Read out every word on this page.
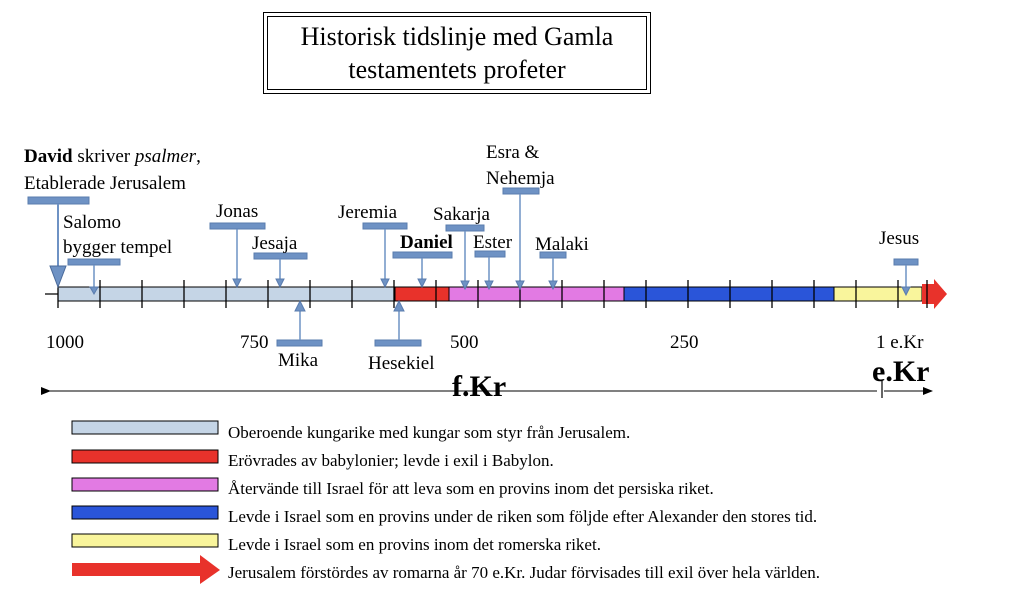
Historisk tidslinje med Gamla
testamentets profeter
David skriver psalmer,
Etablerade Jerusalem
Salomo
bygger tempel
Jonas
Jesaja
Mika
Jeremia
Hesekiel
Daniel
Sakarja
Ester
Esra &
Nehemja
Malaki	Jesus
1000	750	500	250	1 e.Kr
f.Kr	e.Kr
Oberoende kungarike med kungar som styr från Jerusalem.
Erövrades av babylonier; levde i exil i Babylon.
Återvände till Israel för att leva som en provins inom det persiska riket.
Levde i Israel som en provins under de riken som följde efter Alexander den stores tid.
Levde i Israel som en provins inom det romerska riket.
Jerusalem förstördes av romarna år 70 e.Kr. Judar förvisades till exil över hela världen.
